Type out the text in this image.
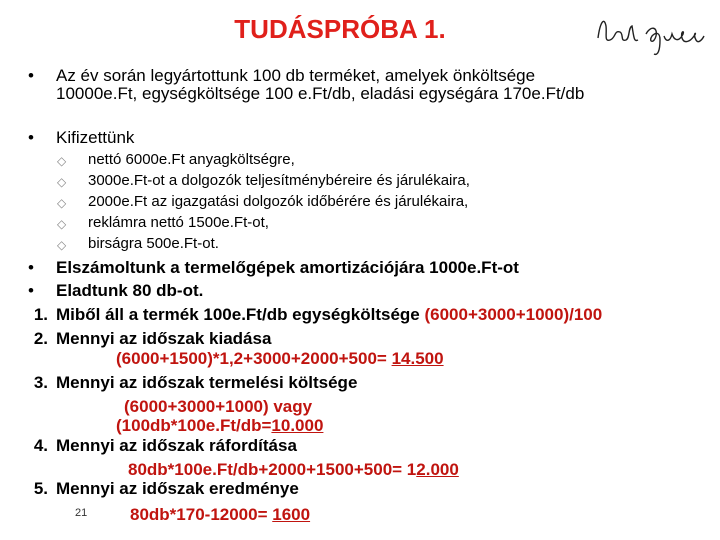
TUDÁSPRÓBA 1.
• Az év során legyártottunk 100 db terméket, amelyek önköltsége 10000e.Ft, egységköltsége 100 e.Ft/db, eladási egységára 170e.Ft/db
• Kifizettünk
◇ nettó 6000e.Ft anyagköltségre,
◇ 3000e.Ft-ot a dolgozók teljesítménybéreire és járulékaira,
◇ 2000e.Ft az igazgatási dolgozók időbérére és járulékaira,
◇ reklámra nettó 1500e.Ft-ot,
◇ birságra 500e.Ft-ot.
• Elszámoltunk a termelőgépek amortizációjára 1000e.Ft-ot
• Eladtunk 80 db-ot.
1. Miből áll a termék 100e.Ft/db egységköltsége (6000+3000+1000)/100
2. Mennyi az időszak kiadása
(6000+1500)*1,2+3000+2000+500= 14.500
3. Mennyi az időszak termelési költsége
(6000+3000+1000) vagy
(100db*100e.Ft/db=10.000
4. Mennyi az időszak ráfordítása
80db*100e.Ft/db+2000+1500+500= 12.000
5. Mennyi az időszak eredménye
21	80db*170-12000= 1600
